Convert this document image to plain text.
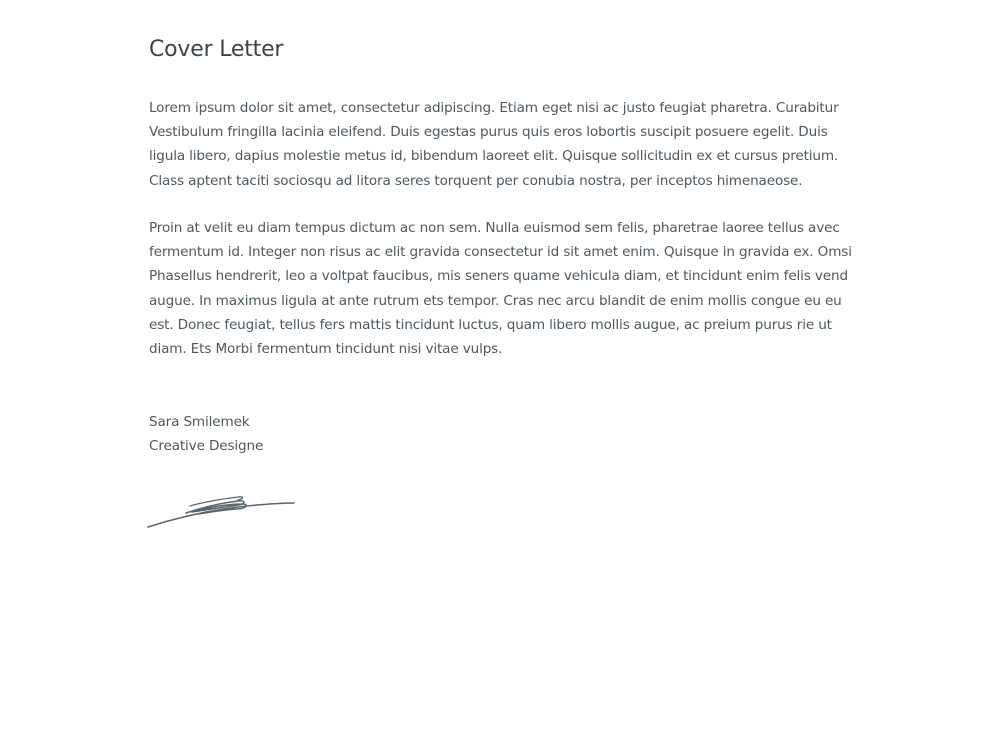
Cover Letter

Lorem ipsum dolor sit amet, consectetur adipiscing. Etiam eget nisi ac justo feugiat pharetra. Curabitur
Vestibulum fringilla lacinia eleifend. Duis egestas purus quis eros lobortis suscipit posuere egelit. Duis
ligula libero, dapius molestie metus id, bibendum laoreet elit. Quisque sollicitudin ex et cursus pretium.
Class aptent taciti sociosqu ad litora seres torquent per conubia nostra, per inceptos himenaeose.

Proin at velit eu diam tempus dictum ac non sem. Nulla euismod sem felis, pharetrae laoree tellus avec
fermentum id. Integer non risus ac elit gravida consectetur id sit amet enim. Quisque in gravida ex. Omsi
Phasellus hendrerit, leo a voltpat faucibus, mis seners quame vehicula diam, et tincidunt enim felis vend
augue. In maximus ligula at ante rutrum ets tempor. Cras nec arcu blandit de enim mollis congue eu eu
est. Donec feugiat, tellus fers mattis tincidunt luctus, quam libero mollis augue, ac preium purus rie ut
diam. Ets Morbi fermentum tincidunt nisi vitae vulps.

Sara Smilemek
Creative Designe
